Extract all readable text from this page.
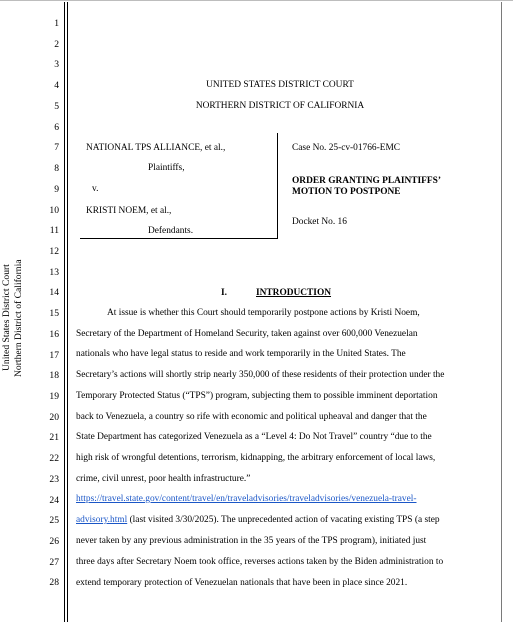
United States District Court Northern District of California
1
2
3
4
5
6
7
8
9
10
11
12
13
14
15
16
17
18
19
20
21
22
23
24
25
26
27
28
UNITED STATES DISTRICT COURT
NORTHERN DISTRICT OF CALIFORNIA
NATIONAL TPS ALLIANCE, et al.,
Plaintiffs,
v.
KRISTI NOEM, et al.,
Defendants.
Case No. 25-cv-01766-EMC
ORDER GRANTING PLAINTIFFS’
MOTION TO POSTPONE
Docket No. 16
I.	INTRODUCTION
At issue is whether this Court should temporarily postpone actions by Kristi Noem,
Secretary of the Department of Homeland Security, taken against over 600,000 Venezuelan
nationals who have legal status to reside and work temporarily in the United States. The
Secretary’s actions will shortly strip nearly 350,000 of these residents of their protection under the
Temporary Protected Status (“TPS”) program, subjecting them to possible imminent deportation
back to Venezuela, a country so rife with economic and political upheaval and danger that the
State Department has categorized Venezuela as a “Level 4: Do Not Travel” country “due to the
high risk of wrongful detentions, terrorism, kidnapping, the arbitrary enforcement of local laws,
crime, civil unrest, poor health infrastructure.”
https://travel.state.gov/content/travel/en/traveladvisories/traveladvisories/venezuela-travel-
advisory.html (last visited 3/30/2025). The unprecedented action of vacating existing TPS (a step
never taken by any previous administration in the 35 years of the TPS program), initiated just
three days after Secretary Noem took office, reverses actions taken by the Biden administration to
extend temporary protection of Venezuelan nationals that have been in place since 2021.
